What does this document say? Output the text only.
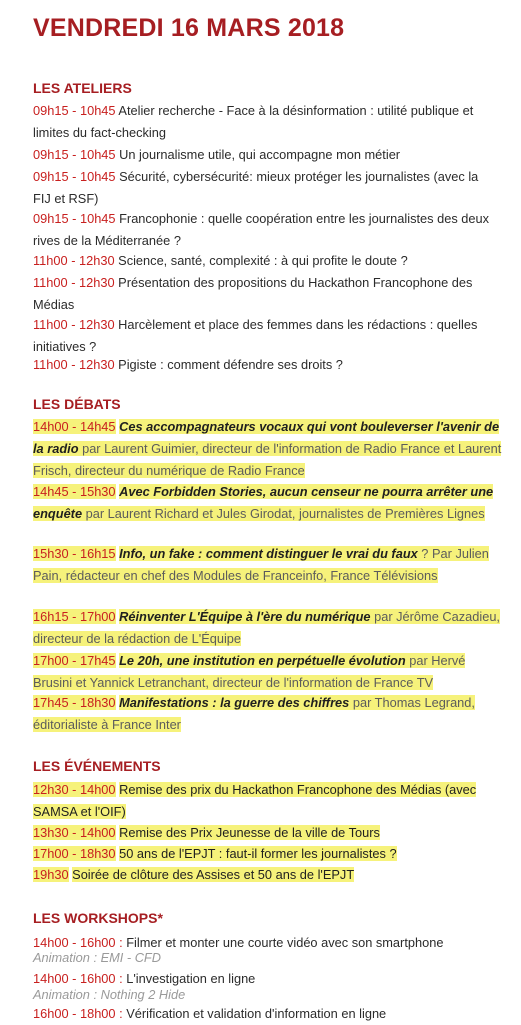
VENDREDI 16 MARS 2018
LES ATELIERS
09h15 - 10h45 Atelier recherche - Face à la désinformation : utilité publique et limites du fact-checking
09h15 - 10h45 Un journalisme utile, qui accompagne mon métier
09h15 - 10h45 Sécurité, cybersécurité: mieux protéger les journalistes (avec la FIJ et RSF)
09h15 - 10h45 Francophonie : quelle coopération entre les journalistes des deux rives de la Méditerranée ?
11h00 - 12h30 Science, santé, complexité : à qui profite le doute ?
11h00 - 12h30 Présentation des propositions du Hackathon Francophone des Médias
11h00 - 12h30 Harcèlement et place des femmes dans les rédactions : quelles initiatives ?
11h00 - 12h30 Pigiste : comment défendre ses droits ?
LES DÉBATS
14h00 - 14h45 Ces accompagnateurs vocaux qui vont bouleverser l'avenir de la radio par Laurent Guimier, directeur de l'information de Radio France et Laurent Frisch, directeur du numérique de Radio France
14h45 - 15h30 Avec Forbidden Stories, aucun censeur ne pourra arrêter une enquête par Laurent Richard et Jules Girodat, journalistes de Premières Lignes
15h30 - 16h15 Info, un fake : comment distinguer le vrai du faux ? Par Julien Pain, rédacteur en chef des Modules de Franceinfo, France Télévisions
16h15 - 17h00 Réinventer L'Équipe à l'ère du numérique par Jérôme Cazadieu, directeur de la rédaction de L'Équipe
17h00 - 17h45 Le 20h, une institution en perpétuelle évolution par Hervé Brusini et Yannick Letranchant, directeur de l'information de France TV
17h45 - 18h30 Manifestations : la guerre des chiffres par Thomas Legrand, éditorialiste à France Inter
LES ÉVÉNEMENTS
12h30 - 14h00 Remise des prix du Hackathon Francophone des Médias (avec SAMSA et l'OIF)
13h30 - 14h00 Remise des Prix Jeunesse de la ville de Tours
17h00 - 18h30 50 ans de l'EPJT : faut-il former les journalistes ?
19h30 Soirée de clôture des Assises et 50 ans de l'EPJT
LES WORKSHOPS*
14h00 - 16h00 : Filmer et monter une courte vidéo avec son smartphone
Animation : EMI - CFD
14h00 - 16h00 : L'investigation en ligne
Animation : Nothing 2 Hide
16h00 - 18h00 : Vérification et validation d'information en ligne
